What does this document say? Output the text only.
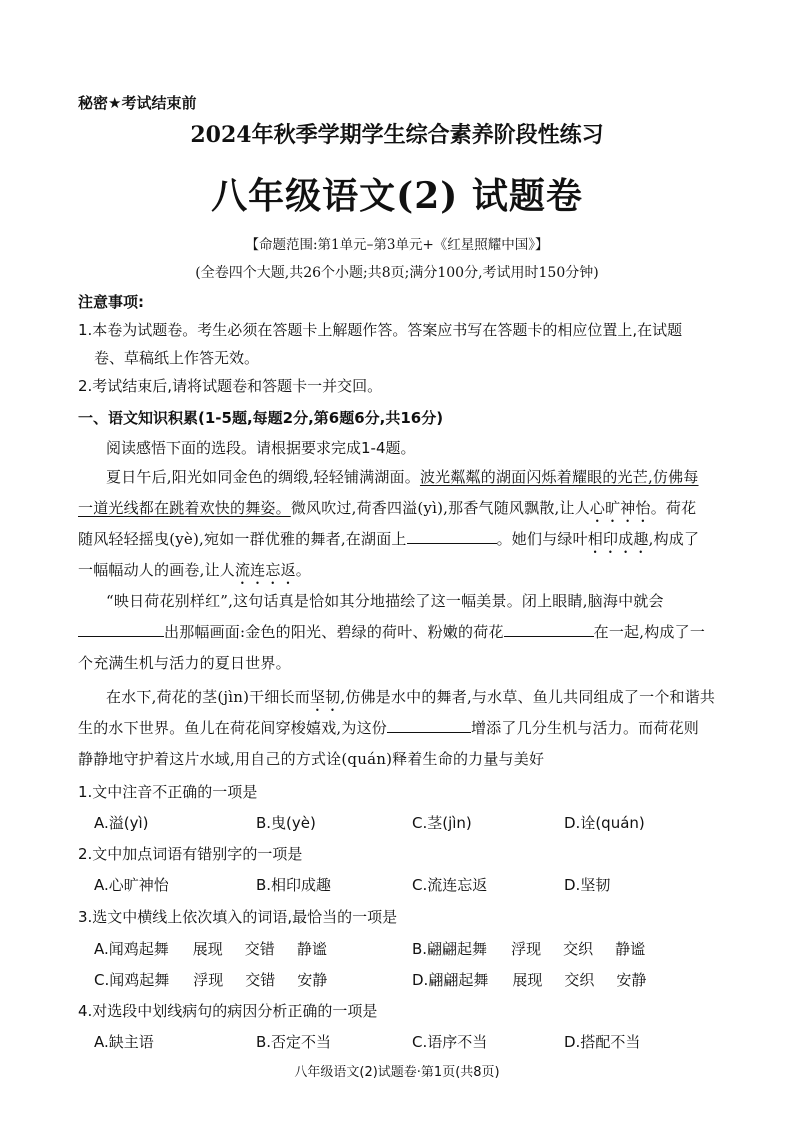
秘密★考试结束前
2024年秋季学期学生综合素养阶段性练习
八年级语文(2) 试题卷
【命题范围:第1单元–第3单元+《红星照耀中国》】
(全卷四个大题,共26个小题;共8页;满分100分,考试用时150分钟)
注意事项:
1.本卷为试题卷。考生必须在答题卡上解题作答。答案应书写在答题卡的相应位置上,在试题
卷、草稿纸上作答无效。
2.考试结束后,请将试题卷和答题卡一并交回。
一、语文知识积累(1-5题,每题2分,第6题6分,共16分)
阅读感悟下面的选段。请根据要求完成1-4题。
夏日午后,阳光如同金色的绸缎,轻轻铺满湖面。波光粼粼的湖面闪烁着耀眼的光芒,仿佛每
一道光线都在跳着欢快的舞姿。微风吹过,荷香四溢(yì),那香气随风飘散,让人心旷神怡。荷花
随风轻轻摇曳(yè),宛如一群优雅的舞者,在湖面上	。她们与绿叶相印成趣,构成了
一幅幅动人的画卷,让人流连忘返。
“映日荷花别样红”,这句话真是恰如其分地描绘了这一幅美景。闭上眼睛,脑海中就会
出那幅画面:金色的阳光、碧绿的荷叶、粉嫩的荷花	在一起,构成了一
个充满生机与活力的夏日世界。
在水下,荷花的茎(jìn)干细长而坚韧,仿佛是水中的舞者,与水草、鱼儿共同组成了一个和谐共
生的水下世界。鱼儿在荷花间穿梭嬉戏,为这份	增添了几分生机与活力。而荷花则
静静地守护着这片水域,用自己的方式诠(quán)释着生命的力量与美好
1.文中注音不正确的一项是
A.溢(yì)	B.曳(yè)	C.茎(jìn)	D.诠(quán)
2.文中加点词语有错别字的一项是
A.心旷神怡	B.相印成趣	C.流连忘返	D.坚韧
3.选文中横线上依次填入的词语,最恰当的一项是
A.闻鸡起舞 展现 交错 静谧	B.翩翩起舞 浮现 交织 静谧
C.闻鸡起舞 浮现 交错 安静	D.翩翩起舞 展现 交织 安静
4.对选段中划线病句的病因分析正确的一项是
A.缺主语	B.否定不当	C.语序不当	D.搭配不当
八年级语文(2)试题卷·第1页(共8页)
